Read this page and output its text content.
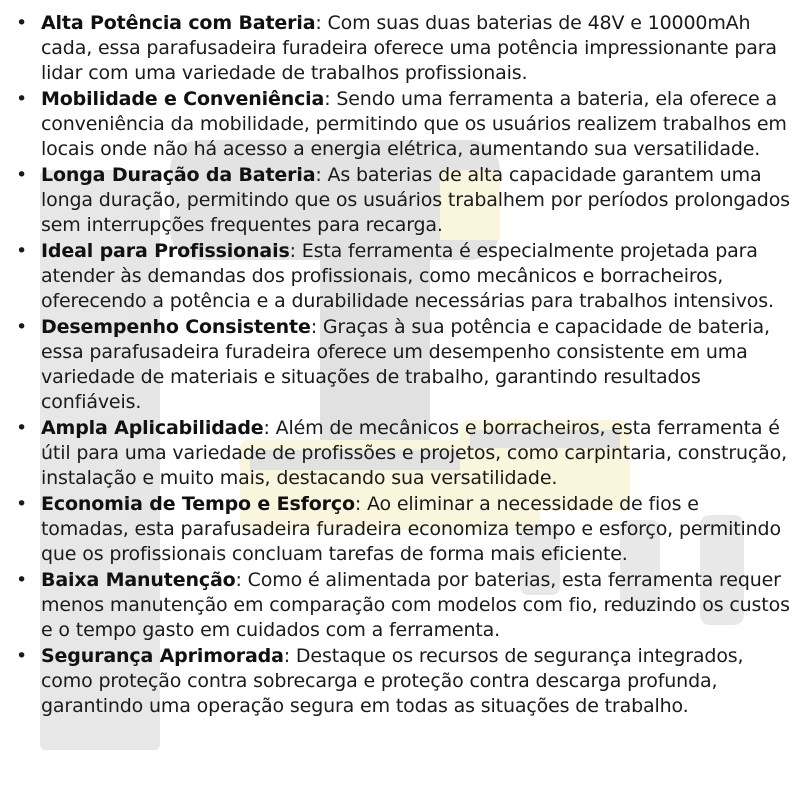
• Alta Potência com Bateria: Com suas duas baterias de 48V e 10000mAh cada, essa parafusadeira furadeira oferece uma potência impressionante para lidar com uma variedade de trabalhos profissionais.
• Mobilidade e Conveniência: Sendo uma ferramenta a bateria, ela oferece a conveniência da mobilidade, permitindo que os usuários realizem trabalhos em locais onde não há acesso a energia elétrica, aumentando sua versatilidade.
• Longa Duração da Bateria: As baterias de alta capacidade garantem uma longa duração, permitindo que os usuários trabalhem por períodos prolongados sem interrupções frequentes para recarga.
• Ideal para Profissionais: Esta ferramenta é especialmente projetada para atender às demandas dos profissionais, como mecânicos e borracheiros, oferecendo a potência e a durabilidade necessárias para trabalhos intensivos.
• Desempenho Consistente: Graças à sua potência e capacidade de bateria, essa parafusadeira furadeira oferece um desempenho consistente em uma variedade de materiais e situações de trabalho, garantindo resultados confiáveis.
• Ampla Aplicabilidade: Além de mecânicos e borracheiros, esta ferramenta é útil para uma variedade de profissões e projetos, como carpintaria, construção, instalação e muito mais, destacando sua versatilidade.
• Economia de Tempo e Esforço: Ao eliminar a necessidade de fios e tomadas, esta parafusadeira furadeira economiza tempo e esforço, permitindo que os profissionais concluam tarefas de forma mais eficiente.
• Baixa Manutenção: Como é alimentada por baterias, esta ferramenta requer menos manutenção em comparação com modelos com fio, reduzindo os custos e o tempo gasto em cuidados com a ferramenta.
• Segurança Aprimorada: Destaque os recursos de segurança integrados, como proteção contra sobrecarga e proteção contra descarga profunda, garantindo uma operação segura em todas as situações de trabalho.
